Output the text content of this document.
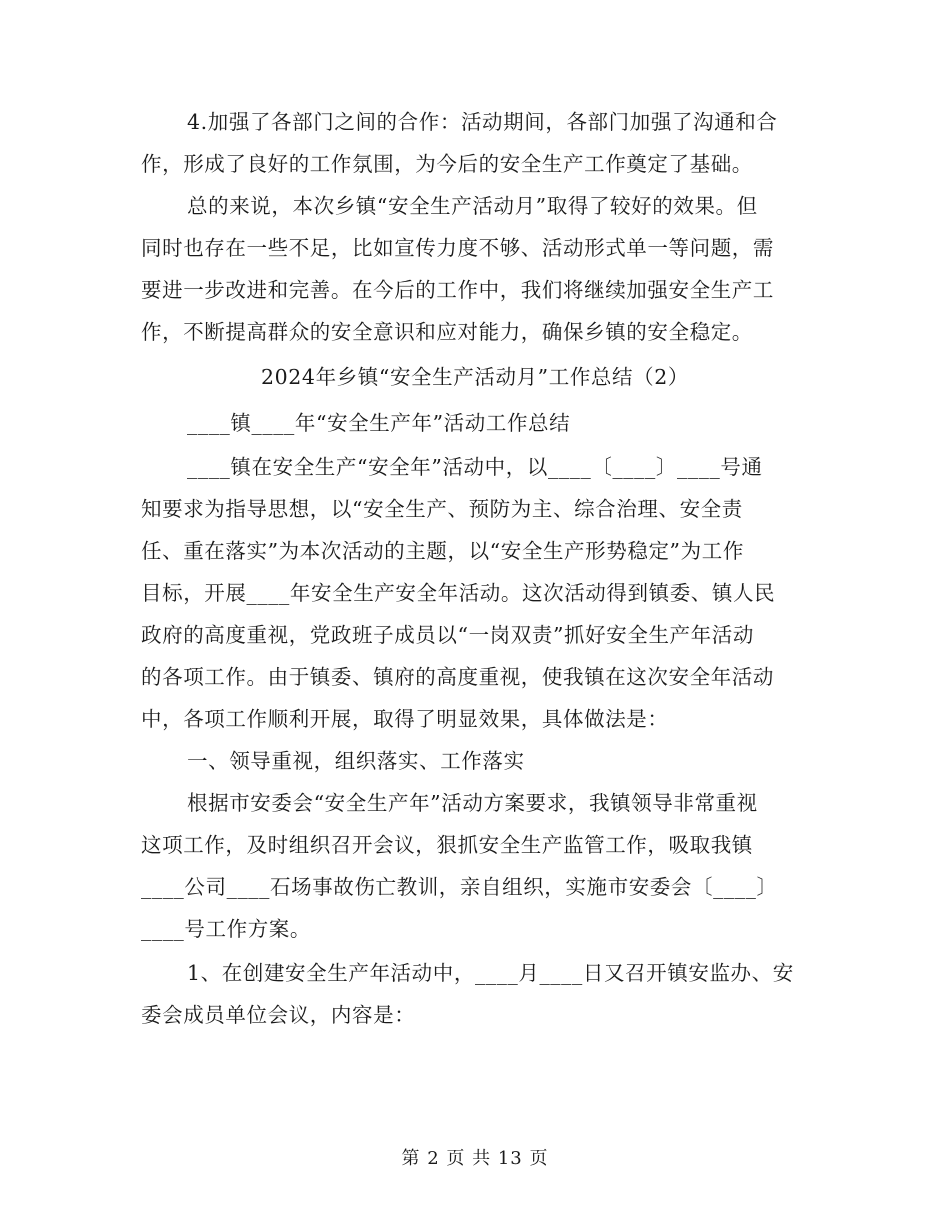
4.加强了各部门之间的合作：活动期间，各部门加强了沟通和合
作，形成了良好的工作氛围，为今后的安全生产工作奠定了基础。
总的来说，本次乡镇“安全生产活动月”取得了较好的效果。但
同时也存在一些不足，比如宣传力度不够、活动形式单一等问题，需
要进一步改进和完善。在今后的工作中，我们将继续加强安全生产工
作，不断提高群众的安全意识和应对能力，确保乡镇的安全稳定。
2024年乡镇“安全生产活动月”工作总结（2）
____镇____年“安全生产年”活动工作总结
____镇在安全生产“安全年”活动中，以____〔____〕____号通
知要求为指导思想，以“安全生产、预防为主、综合治理、安全责
任、重在落实”为本次活动的主题，以“安全生产形势稳定”为工作
目标，开展____年安全生产安全年活动。这次活动得到镇委、镇人民
政府的高度重视，党政班子成员以“一岗双责”抓好安全生产年活动
的各项工作。由于镇委、镇府的高度重视，使我镇在这次安全年活动
中，各项工作顺利开展，取得了明显效果，具体做法是：
一、领导重视，组织落实、工作落实
根据市安委会“安全生产年”活动方案要求，我镇领导非常重视
这项工作，及时组织召开会议，狠抓安全生产监管工作，吸取我镇
____公司____石场事故伤亡教训，亲自组织，实施市安委会〔____〕
____号工作方案。
1、在创建安全生产年活动中，____月____日又召开镇安监办、安
委会成员单位会议，内容是：
第 2 页 共 13 页
